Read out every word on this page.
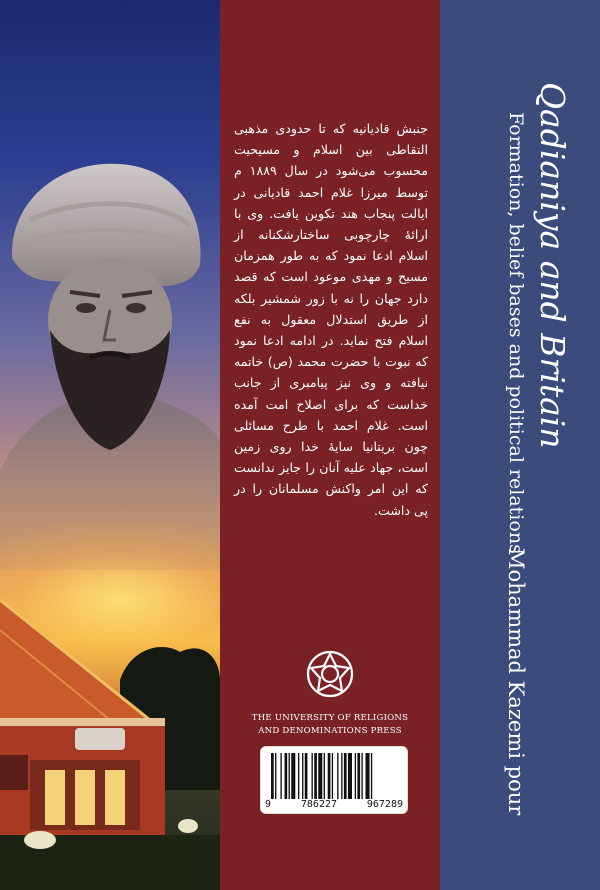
جنبش قادیانیه که تا حدودی مذهبی التقاطی بین اسلام و مسیحیت محسوب می‌شود در سال ۱۸۸۹ م توسط میرزا غلام احمد قادیانی در ایالت پنجاب هند تکوین یافت. وی با ارائهٔ چارچوبی ساختارشکنانه از اسلام ادعا نمود که به طور همزمان مسیح و مهدی موعود است که قصد دارد جهان را نه با زور شمشیر بلکه از طریق استدلال معقول به نفع اسلام فتح نماید. در ادامه ادعا نمود که نبوت با حضرت محمد (ص) خاتمه نیافته و وی نیز پیامبری از جانب خداست که برای اصلاح امت آمده است. غلام احمد با طرح مسائلی چون بریتانیا سایهٔ خدا روی زمین است، جهاد علیه آنان را جایز ندانست که این امر واکنش مسلمانان را در پی داشت.

THE UNIVERSITY OF RELIGIONS
AND DENOMINATIONS PRESS
9	786227	967289
Qadianiya and Britain
Formation, belief bases and political relations
Mohammad Kazemi pour
